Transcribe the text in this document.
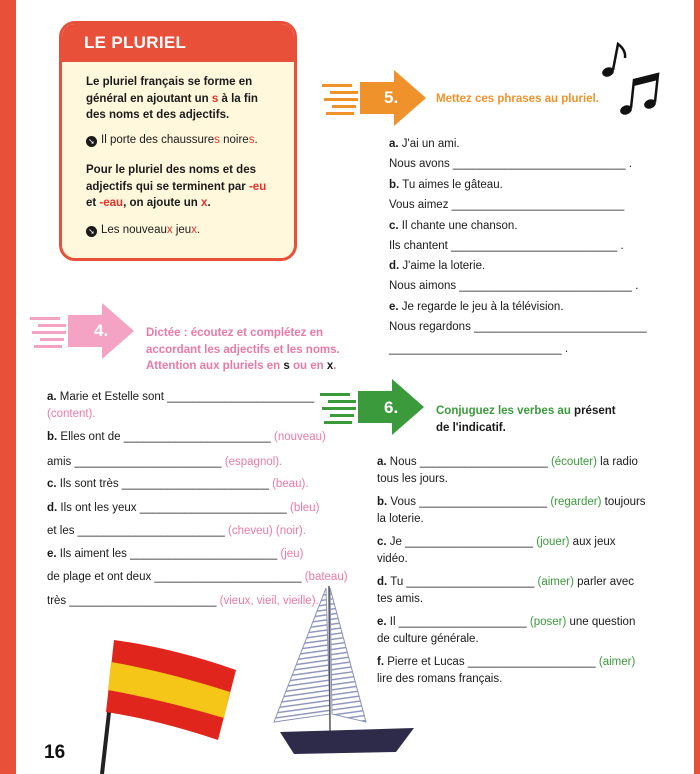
LE PLURIEL
Le pluriel français se forme en général en ajoutant un s à la fin des noms et des adjectifs.
➘ Il porte des chaussures noires.
Pour le pluriel des noms et des adjectifs qui se terminent par -eu et -eau, on ajoute un x.
➘ Les nouveaux jeux.
5.	Mettez ces phrases au pluriel.
a. J'ai un ami.
Nous avons ___________________________ .
b. Tu aimes le gâteau.
Vous aimez ___________________________
c. Il chante une chanson.
Ils chantent __________________________ .
d. J'aime la loterie.
Nous aimons ___________________________ .
e. Je regarde le jeu à la télévision.
Nous regardons ___________________________
___________________________ .
4.	Dictée : écoutez et complétez en
accordant les adjectifs et les noms.
Attention aux pluriels en s ou en x.
a. Marie et Estelle sont _______________________
(content).
b. Elles ont de _______________________ (nouveau)
amis _______________________ (espagnol).
c. Ils sont très _______________________ (beau).
d. Ils ont les yeux _______________________ (bleu)
et les _______________________ (cheveu) (noir).
e. Ils aiment les _______________________ (jeu)
de plage et ont deux _______________________ (bateau)
très _______________________ (vieux, vieil, vieille).
6.	Conjuguez les verbes au présent
de l'indicatif.
a. Nous ____________________ (écouter) la radio
tous les jours.
b. Vous ____________________ (regarder) toujours
la loterie.
c. Je ____________________ (jouer) aux jeux
vidéo.
d. Tu ____________________ (aimer) parler avec
tes amis.
e. Il ____________________ (poser) une question
de culture générale.
f. Pierre et Lucas ____________________ (aimer)
lire des romans français.
16
